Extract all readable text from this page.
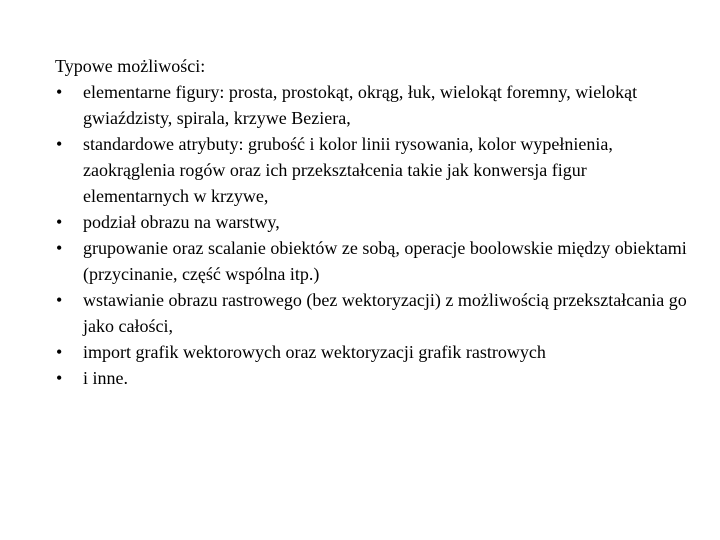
Typowe możliwości:

• elementarne figury: prosta, prostokąt, okrąg, łuk, wielokąt foremny, wielokąt gwiaździsty, spirala, krzywe Beziera,
• standardowe atrybuty: grubość i kolor linii rysowania, kolor wypełnienia, zaokrąglenia rogów oraz ich przekształcenia takie jak konwersja figur elementarnych w krzywe,
• podział obrazu na warstwy,
• grupowanie oraz scalanie obiektów ze sobą, operacje boolowskie między obiektami (przycinanie, część wspólna itp.)
• wstawianie obrazu rastrowego (bez wektoryzacji) z możliwością przekształcania go jako całości,
• import grafik wektorowych oraz wektoryzacji grafik rastrowych
• i inne.
